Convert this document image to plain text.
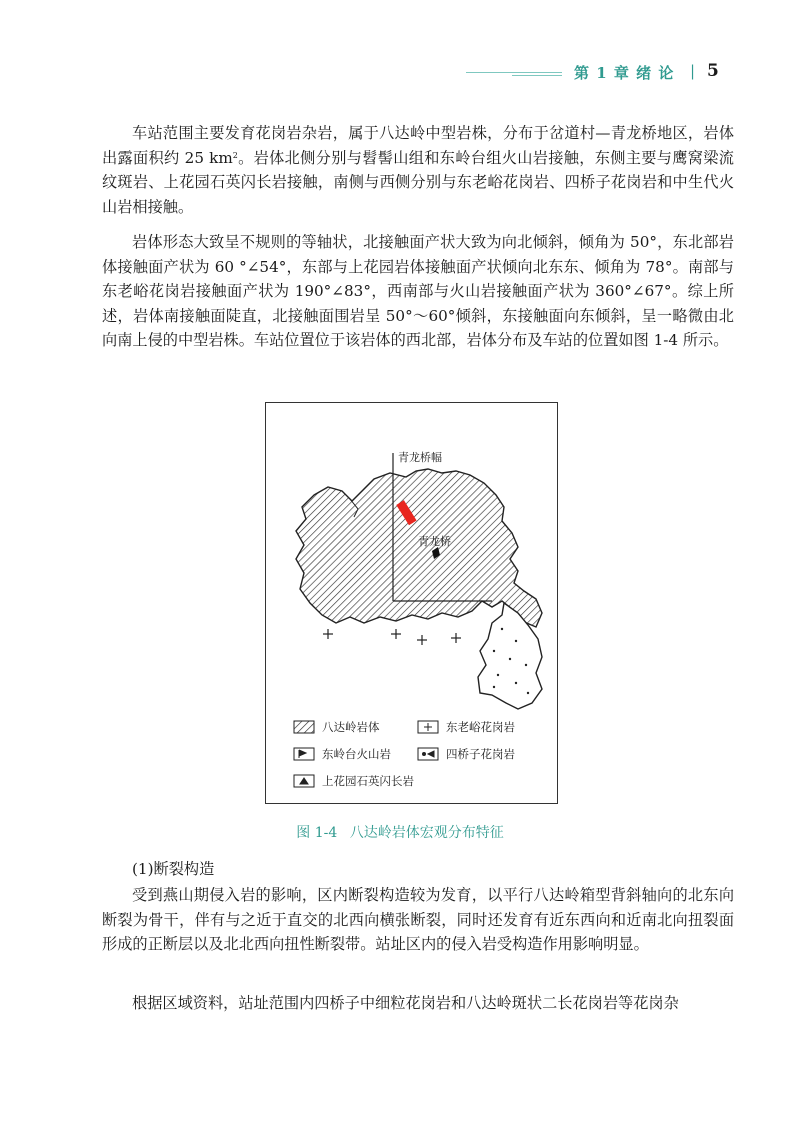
第 1 章 绪 论 | 5

车站范围主要发育花岗岩杂岩，属于八达岭中型岩株，分布于岔道村—青龙桥地区，岩体出露面积约 25 $km^2$。岩体北侧分别与髫髻山组和东岭台组火山岩接触，东侧主要与鹰窝梁流纹斑岩、上花园石英闪长岩接触，南侧与西侧分别与东老峪花岗岩、四桥子花岗岩和中生代火山岩相接触。

岩体形态大致呈不规则的等轴状，北接触面产状大致为向北倾斜，倾角为 50°，东北部岩体接触面产状为 60 °∠54°，东部与上花园岩体接触面产状倾向北东东、倾角为 78°。南部与东老峪花岗岩接触面产状为 190°∠83°，西南部与火山岩接触面产状为 360°∠67°。综上所述，岩体南接触面陡直，北接触面围岩呈 50°～60°倾斜，东接触面向东倾斜，呈一略微由北向南上侵的中型岩株。车站位置位于该岩体的西北部，岩体分布及车站的位置如图 1-4 所示。

青龙桥幅
青龙桥
八达岭岩体	东老峪花岗岩
东岭台火山岩	四桥子花岗岩
上花园石英闪长岩
图 1-4 八达岭岩体宏观分布特征

(1)断裂构造

受到燕山期侵入岩的影响，区内断裂构造较为发育，以平行八达岭箱型背斜轴向的北东向断裂为骨干，伴有与之近于直交的北西向横张断裂，同时还发育有近东西向和近南北向扭裂面形成的正断层以及北北西向扭性断裂带。站址区内的侵入岩受构造作用影响明显。

根据区域资料，站址范围内四桥子中细粒花岗岩和八达岭斑状二长花岗岩等花岗杂
